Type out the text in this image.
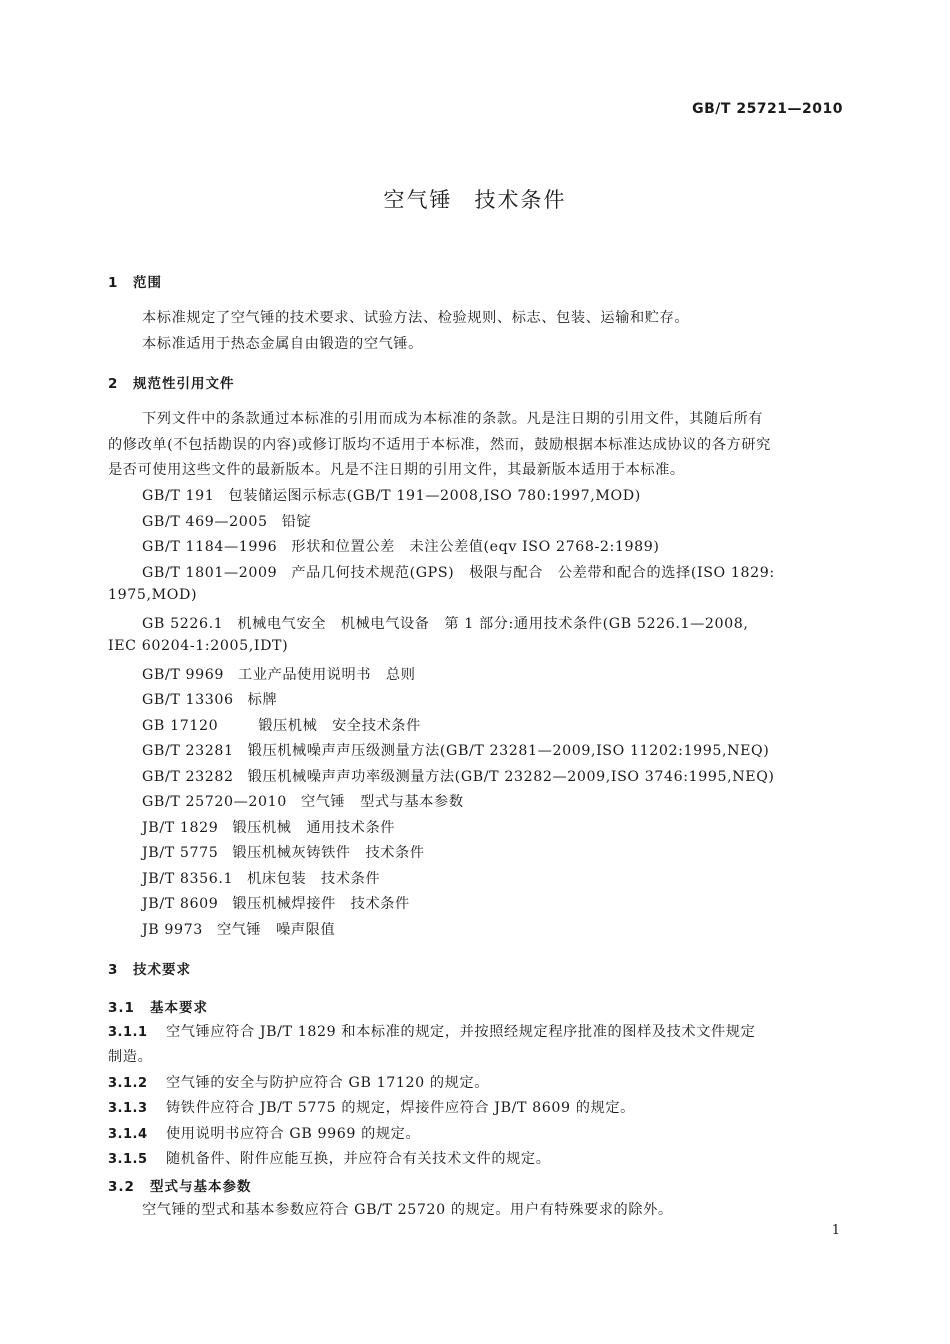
GB/T 25721—2010
空气锤 技术条件
1 范围
本标准规定了空气锤的技术要求、试验方法、检验规则、标志、包装、运输和贮存。
本标准适用于热态金属自由锻造的空气锤。
2 规范性引用文件
下列文件中的条款通过本标准的引用而成为本标准的条款。凡是注日期的引用文件，其随后所有
的修改单(不包括勘误的内容)或修订版均不适用于本标准，然而，鼓励根据本标准达成协议的各方研究
是否可使用这些文件的最新版本。凡是不注日期的引用文件，其最新版本适用于本标准。
GB/T 191 包装储运图示标志(GB/T 191—2008,ISO 780:1997,MOD)
GB/T 469—2005 铅锭
GB/T 1184—1996 形状和位置公差　未注公差值(eqv ISO 2768-2:1989)
GB/T 1801—2009 产品几何技术规范(GPS)　极限与配合　公差带和配合的选择(ISO 1829:
1975,MOD)
GB 5226.1 机械电气安全　机械电气设备　第 1 部分:通用技术条件(GB 5226.1—2008,
IEC 60204-1:2005,IDT)
GB/T 9969 工业产品使用说明书　总则
GB/T 13306 标牌
GB 17120	锻压机械　安全技术条件
GB/T 23281 锻压机械噪声声压级测量方法(GB/T 23281—2009,ISO 11202:1995,NEQ)
GB/T 23282 锻压机械噪声声功率级测量方法(GB/T 23282—2009,ISO 3746:1995,NEQ)
GB/T 25720—2010 空气锤　型式与基本参数
JB/T 1829 锻压机械　通用技术条件
JB/T 5775 锻压机械灰铸铁件　技术条件
JB/T 8356.1 机床包装　技术条件
JB/T 8609 锻压机械焊接件　技术条件
JB 9973 空气锤　噪声限值
3 技术要求
3.1 基本要求
3.1.1 空气锤应符合 JB/T 1829 和本标准的规定，并按照经规定程序批准的图样及技术文件规定
制造。
3.1.2 空气锤的安全与防护应符合 GB 17120 的规定。
3.1.3 铸铁件应符合 JB/T 5775 的规定，焊接件应符合 JB/T 8609 的规定。
3.1.4 使用说明书应符合 GB 9969 的规定。
3.1.5 随机备件、附件应能互换，并应符合有关技术文件的规定。
3.2 型式与基本参数
空气锤的型式和基本参数应符合 GB/T 25720 的规定。用户有特殊要求的除外。
1
